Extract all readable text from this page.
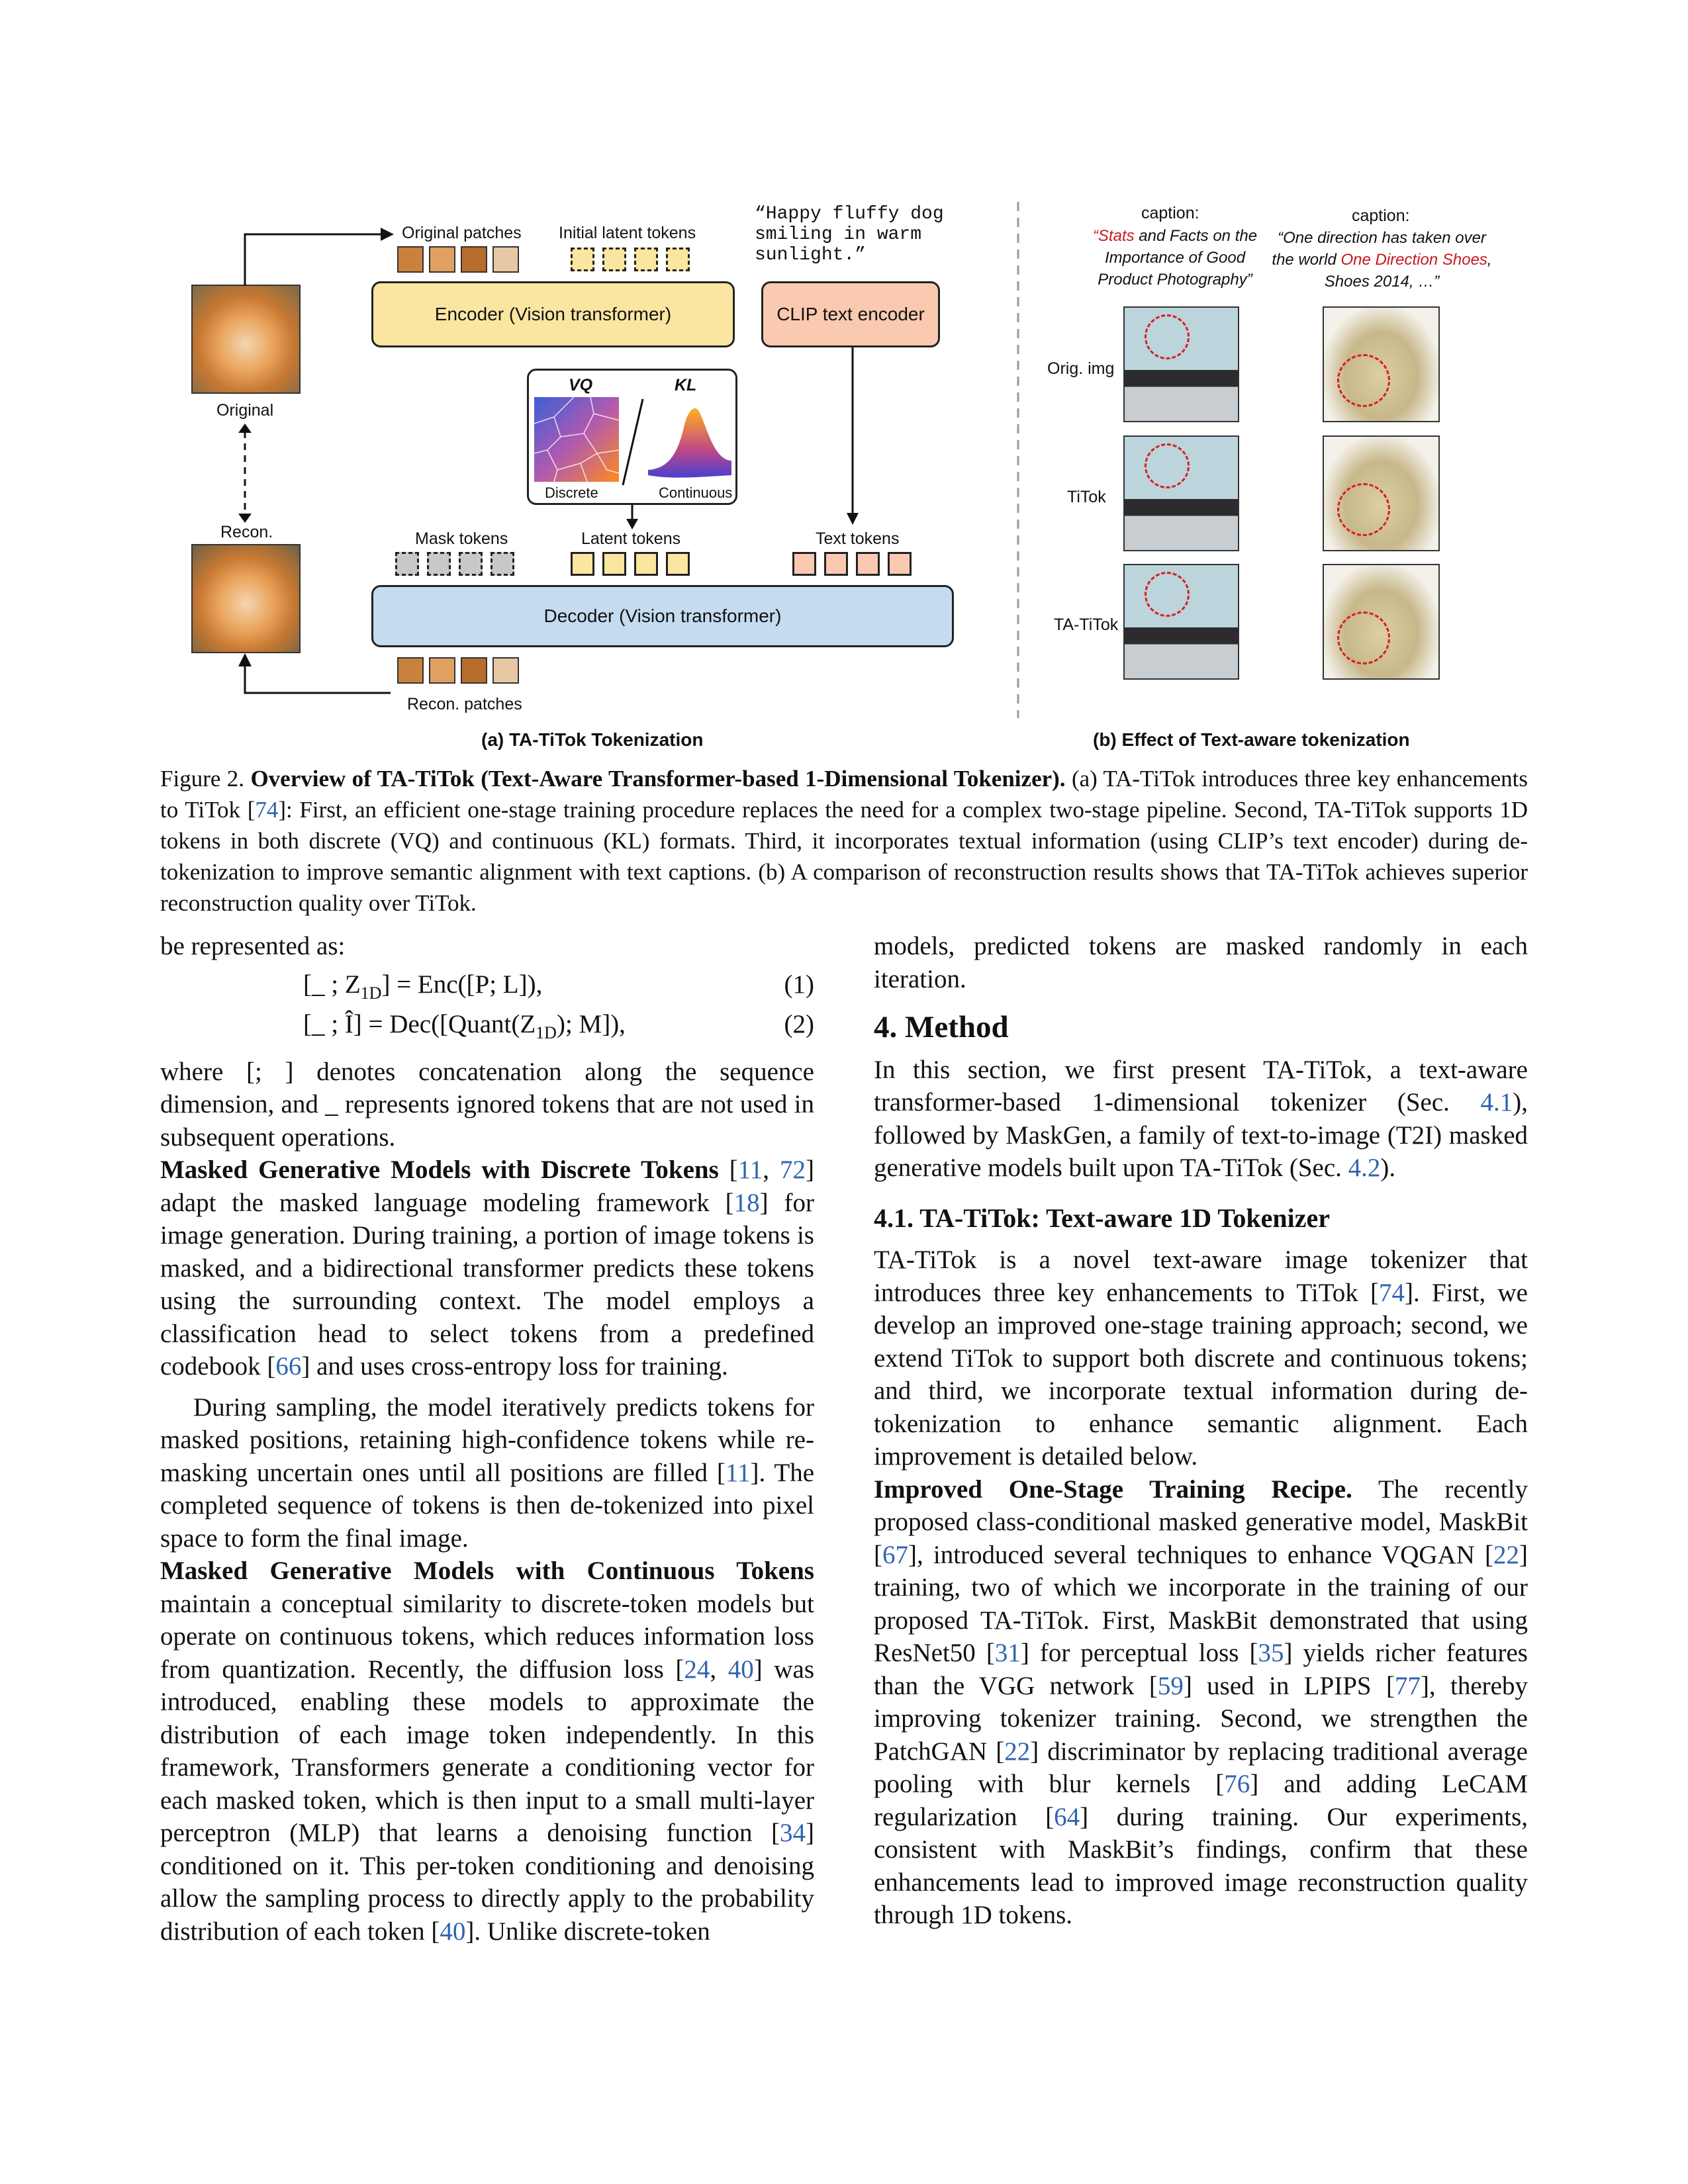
Original
Recon.
Original patches Initial latent tokens
Encoder (Vision transformer)
VQ	KL
Discrete	Continuous
“Happy fluffy dog smiling in warm sunlight.”
CLIP text encoder
Mask tokens	Latent tokens	Text tokens
Decoder (Vision transformer)
Recon. patches
(a) TA-TiTok Tokenization
caption:
“Stats and Facts on the Importance of Good Product Photography”
caption:
“One direction has taken over the world One Direction Shoes, Shoes 2014, …”
Orig. img
TiTok
TA-TiTok
(b) Effect of Text-aware tokenization
Figure 2. Overview of TA-TiTok (Text-Aware Transformer-based 1-Dimensional Tokenizer). (a) TA-TiTok introduces three key enhancements to TiTok [74]: First, an efficient one-stage training procedure replaces the need for a complex two-stage pipeline. Second, TA-TiTok supports 1D tokens in both discrete (VQ) and continuous (KL) formats. Third, it incorporates textual information (using CLIP’s text encoder) during de-tokenization to improve semantic alignment with text captions. (b) A comparison of reconstruction results shows that TA-TiTok achieves superior reconstruction quality over TiTok.

be represented as:

[_ ; $Z_{1D}] = Enc([P$; L]),	(1)
[_ ; Î] = $Dec([Quant(Z_{1D})$; M]),	(2)

where [; ] denotes concatenation along the sequence dimension, and _ represents ignored tokens that are not used in subsequent operations.

Masked Generative Models with Discrete Tokens [11, 72] adapt the masked language modeling framework [18] for image generation. During training, a portion of image tokens is masked, and a bidirectional transformer predicts these tokens using the surrounding context. The model employs a classification head to select tokens from a predefined codebook [66] and uses cross-entropy loss for training.

During sampling, the model iteratively predicts tokens for masked positions, retaining high-confidence tokens while re-masking uncertain ones until all positions are filled [11]. The completed sequence of tokens is then de-tokenized into pixel space to form the final image.

Masked Generative Models with Continuous Tokens maintain a conceptual similarity to discrete-token models but operate on continuous tokens, which reduces information loss from quantization. Recently, the diffusion loss [24, 40] was introduced, enabling these models to approximate the distribution of each image token independently. In this framework, Transformers generate a conditioning vector for each masked token, which is then input to a small multi-layer perceptron (MLP) that learns a denoising function [34] conditioned on it. This per-token conditioning and denoising allow the sampling process to directly apply to the probability distribution of each token [40]. Unlike discrete-token

models, predicted tokens are masked randomly in each iteration.

4. Method

In this section, we first present TA-TiTok, a text-aware transformer-based 1-dimensional tokenizer (Sec. 4.1), followed by MaskGen, a family of text-to-image (T2I) masked generative models built upon TA-TiTok (Sec. 4.2).

4.1. TA-TiTok: Text-aware 1D Tokenizer

TA-TiTok is a novel text-aware image tokenizer that introduces three key enhancements to TiTok [74]. First, we develop an improved one-stage training approach; second, we extend TiTok to support both discrete and continuous tokens; and third, we incorporate textual information during de-tokenization to enhance semantic alignment. Each improvement is detailed below.

Improved One-Stage Training Recipe. The recently proposed class-conditional masked generative model, MaskBit [67], introduced several techniques to enhance VQGAN [22] training, two of which we incorporate in the training of our proposed TA-TiTok. First, MaskBit demonstrated that using ResNet50 [31] for perceptual loss [35] yields richer features than the VGG network [59] used in LPIPS [77], thereby improving tokenizer training. Second, we strengthen the PatchGAN [22] discriminator by replacing traditional average pooling with blur kernels [76] and adding LeCAM regularization [64] during training. Our experiments, consistent with MaskBit’s findings, confirm that these enhancements lead to improved image reconstruction quality through 1D tokens.
